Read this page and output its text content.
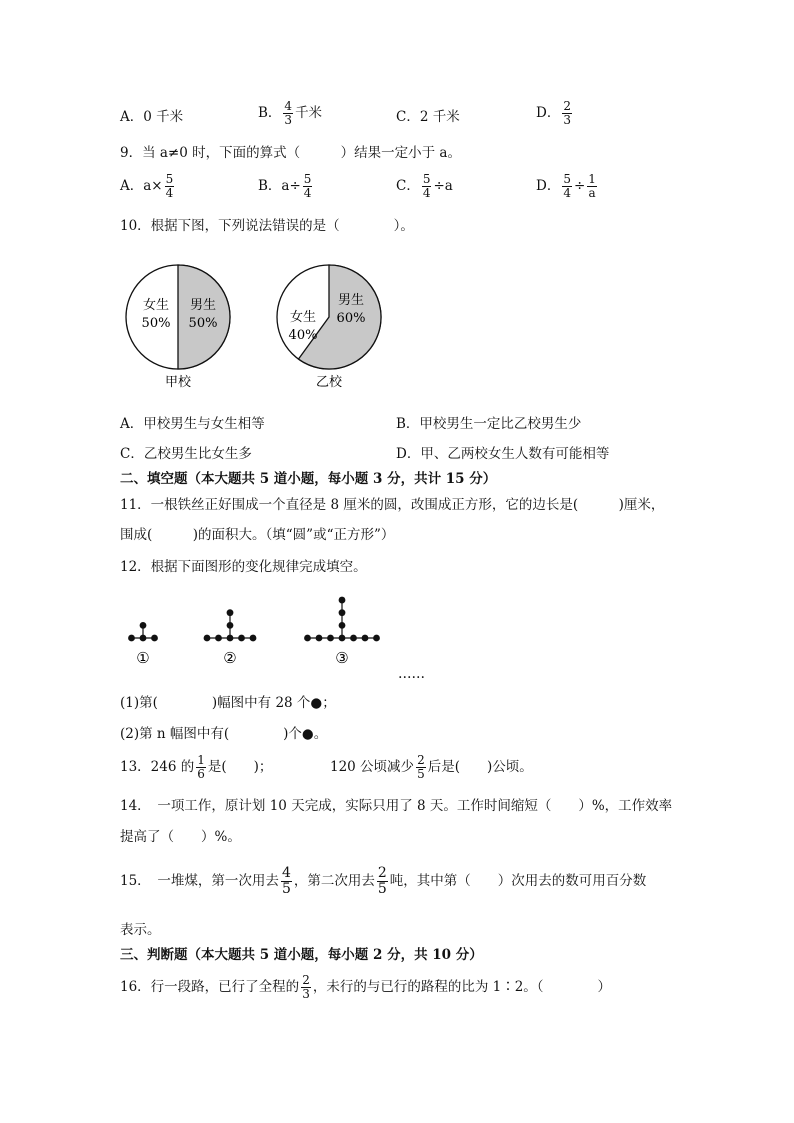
A．0 千米	B． $\frac{4}{3}$ 千米	C．2 千米	D． $\frac{2}{3}$
9．当 a≠0 时，下面的算式（　　　）结果一定小于 a。
A．$a\times \frac{5}{4}$	B．$a\div \frac{5}{4}$	C． $\frac{5}{4} \div a$	D． $\frac{5}{4} \div \frac{1}{a}$
10．根据下图，下列说法错误的是（　　　　）。
女生
50%
男生
50%
甲校
女生
40%
男生
60%
乙校
A．甲校男生与女生相等	B．甲校男生一定比乙校男生少
C．乙校男生比女生多	D．甲、乙两校女生人数有可能相等
二、填空题（本大题共 5 道小题，每小题 3 分，共计 15 分）
11．一根铁丝正好围成一个直径是 8 厘米的圆，改围成正方形，它的边长是(　　　)厘米，
围成(　　　)的面积大。（填“圆”或“正方形”）
12．根据下面图形的变化规律完成填空。
①	②	③
……
(1)第(　　　　)幅图中有 28 个●；
(2)第 n 幅图中有(　　　　)个●。
13．246 的 $\frac{1}{6}$ 是(　　)；	120 公顷减少 $\frac{2}{5}$ 后是(　　)公顷。
14．　一项工作，原计划 10 天完成，实际只用了 8 天。工作时间缩短（　　）%，工作效率
提高了（　　）%。
15．　一堆煤，第一次用去 $\frac{4}{5}$ ，第二次用去 $\frac{2}{5}$ 吨，其中第（　　）次用去的数可用百分数
表示。
三、判断题（本大题共 5 道小题，每小题 2 分，共 10 分）
16．行一段路，已行了全程的 $\frac{2}{3}$ ，未行的与已行的路程的比为 1∶2。（　　　　）
